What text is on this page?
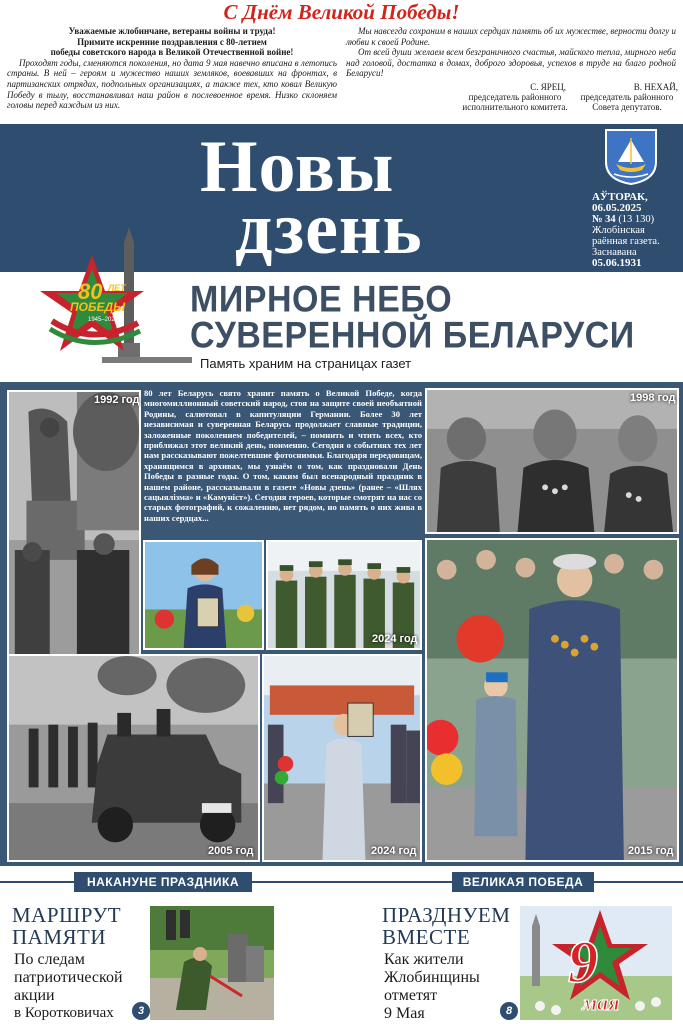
С Днём Великой Победы!
Уважаемые жлобинчане, ветераны войны и труда!
Примите искренние поздравления с 80-летием
победы советского народа в Великой Отечественной войне!
Проходят годы, сменяются поколения, но дата 9 мая навечно вписана в летопись страны. В ней – героям и мужество наших земляков, воевавших на фронтах, в партизанских отрядах, подпольных организациях, а также тех, кто ковал Великую Победу в тылу, восстанавливал наш район в послевоенное время. Низко склоняем головы перед каждым из них.

Мы навсегда сохраним в наших сердцах память об их мужестве, верности долгу и любви к своей Родине.

От всей души желаем всем безграничного счастья, майского тепла, мирного неба над головой, достатка в домах, доброго здоровья, успехов в труде на благо родной Беларуси!

С. ЯРЕЦ,
председатель районного исполнительного комитета.
В. НЕХАЙ,
председатель районного Совета депутатов.
Новы
дзень	АЎТОРАК,
06.05.2025
№ 34 (13 130)
Жлобінская раённая газета. Заснавана
05.06.1931
80 ЛЕТ
ПОБЕДЫ
1945–2025
МИРНОЕ НЕБО
СУВЕРЕННОЙ БЕЛАРУСИ
Память храним на страницах газет
1992 год	1998 год
80 лет Беларусь свято хранит память о Великой Победе, когда многомиллионный советский народ, стоя на защите своей необъятной Родины, салютовал в капитуляции Германии. Более 30 лет независимая и суверенная Беларусь продолжает славные традиции, заложенные поколением победителей, – помнить и чтить всех, кто приближал этот великий день, поименно. Сегодня о событиях тех лет нам рассказывают пожелтевшие фотоснимки. Благодаря передовицам, хранящимся в архивах, мы узнаём о том, как праздновали День Победы в разные годы. О том, каким был всенародный праздник в нашем районе, рассказывали в газете «Новы дзень» (ранее – «Шлях сацыялізма» и «Камуніст»). Сегодня героев, которые смотрят на нас со старых фотографий, к сожалению, нет рядом, но память о них жива в наших сердцах...
2024 год
2005 год	2024 год	2015 год
НАКАНУНЕ ПРАЗДНИКА	ВЕЛИКАЯ ПОБЕДА
МАРШРУТ
ПАМЯТИ
По следам
патриотической
акции
в Коротковичах	3
ПРАЗДНУЕМ
ВМЕСТЕ
Как жители
Жлобинщины
отметят
9 Мая	8
9
мая
